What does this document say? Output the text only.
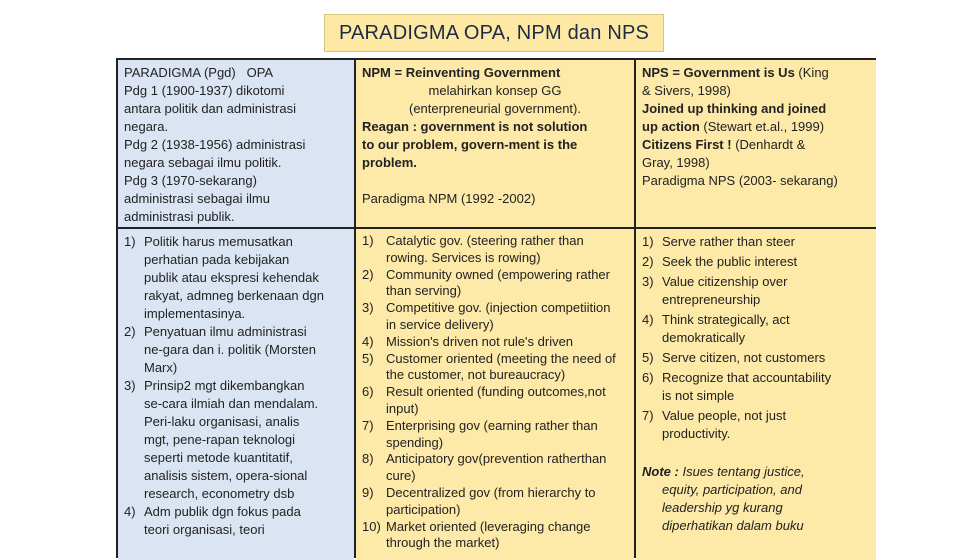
PARADIGMA OPA, NPM dan NPS

PARADIGMA (Pgd) OPA

Pdg 1 (1900-1937) dikotomi

antara politik dan administrasi

negara.

Pdg 2 (1938-1956) administrasi

negara sebagai ilmu politik.

Pdg 3 (1970-sekarang)

administrasi sebagai ilmu

administrasi publik.

NPM = Reinventing Government

melahirkan konsep GG

(enterpreneurial government).

Reagan : government is not solution

to our problem, govern-ment is the

problem.

Paradigma NPM (1992 -2002)

NPS = Government is Us (King

& Sivers, 1998)

Joined up thinking and joined

up action (Stewart et.al., 1999)

Citizens First ! (Denhardt &

Gray, 1998)

Paradigma NPS (2003- sekarang)

1) Politik harus memusatkan
perhatian pada kebijakan
publik atau ekspresi kehendak
rakyat, admneg berkenaan dgn
implementasinya.
2) Penyatuan ilmu administrasi
ne-gara dan i. politik (Morsten
Marx)
3) Prinsip2 mgt dikembangkan
se-cara ilmiah dan mendalam.
Peri-laku organisasi, analis
mgt, pene-rapan teknologi
seperti metode kuantitatif,
analisis sistem, opera-sional
research, econometry dsb
4) Adm publik dgn fokus pada
teori organisasi, teori
1) Catalytic gov. (steering rather than
rowing. Services is rowing)
2) Community owned (empowering rather
than serving)
3) Competitive gov. (injection competiition
in service delivery)
4) Mission's driven not rule's driven
5) Customer oriented (meeting the need of
the customer, not bureaucracy)
6) Result oriented (funding outcomes,not
input)
7) Enterprising gov (earning rather than
spending)
8) Anticipatory gov(prevention ratherthan
cure)
9) Decentralized gov (from hierarchy to
participation)
10) Market oriented (leveraging change
through the market)
1) Serve rather than steer
2) Seek the public interest
3) Value citizenship over
entrepreneurship
4) Think strategically, act
demokratically
5) Serve citizen, not customers
6) Recognize that accountability
is not simple
7) Value people, not just
productivity.

Note : Isues tentang justice,

equity, participation, and

leadership yg kurang

diperhatikan dalam buku
